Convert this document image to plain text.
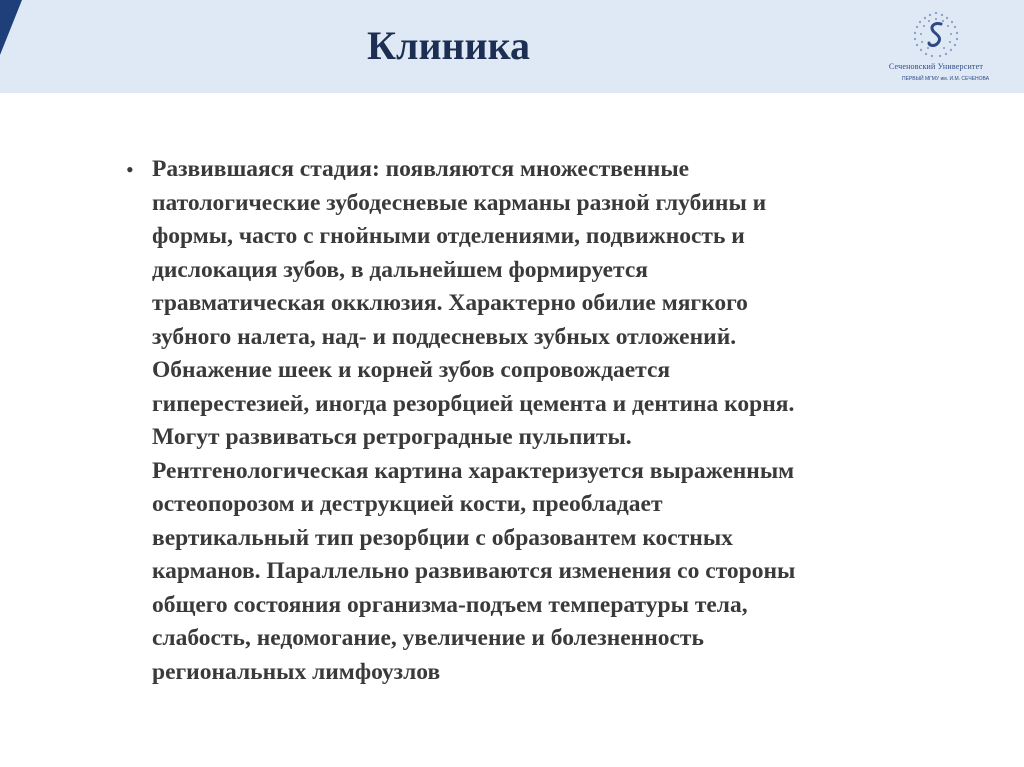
Клиника	Сеченовский Университет
ПЕРВЫЙ МГМУ им. И.М. СЕЧЕНОВА
• Развившаяся стадия: появляются множественные
патологические зубодесневые карманы разной глубины и
формы, часто с гнойными отделениями, подвижность и
дислокация зубов, в дальнейшем формируется
травматическая окклюзия. Характерно обилие мягкого
зубного налета, над- и поддесневых зубных отложений.
Обнажение шеек и корней зубов сопровождается
гиперестезией, иногда резорбцией цемента и дентина корня.
Могут развиваться ретроградные пульпиты.
Рентгенологическая картина характеризуется выраженным
остеопорозом и деструкцией кости, преобладает
вертикальный тип резорбции с образовантем костных
карманов. Параллельно развиваются изменения со стороны
общего состояния организма-подъем температуры тела,
слабость, недомогание, увеличение и болезненность
региональных лимфоузлов
